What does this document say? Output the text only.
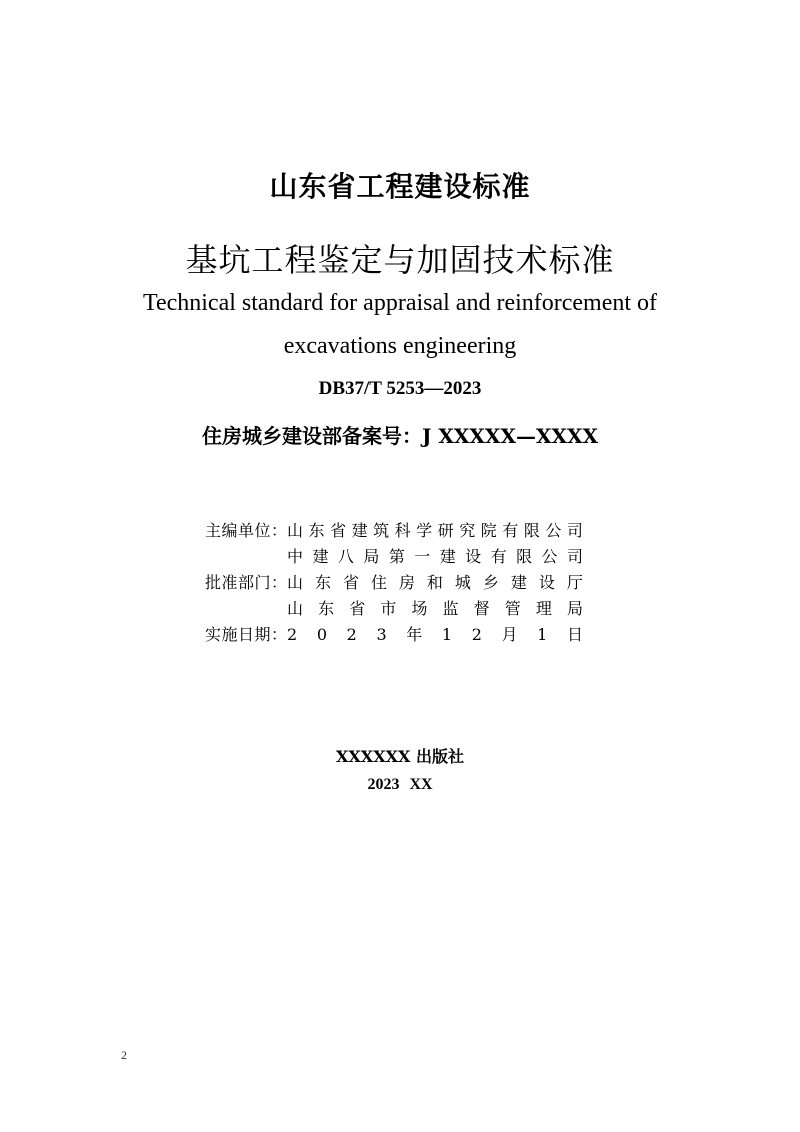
山东省工程建设标准
基坑工程鉴定与加固技术标准
Technical standard for appraisal and reinforcement of
excavations engineering
DB37/T 5253—2023
住房城乡建设部备案号：J XXXXX—XXXX
主编单位： 山 东 省 建 筑 科 学 研 究 院 有 限 公 司
中 建 八 局 第 一 建 设 有 限 公 司
批准部门： 山 东 省 住 房 和 城 乡 建 设 厅
山 东 省 市 场 监 督 管 理 局
实施日期： 2 0 2 3 年 1 2 月 1 日
XXXXXX 出版社
2023 XX
2
